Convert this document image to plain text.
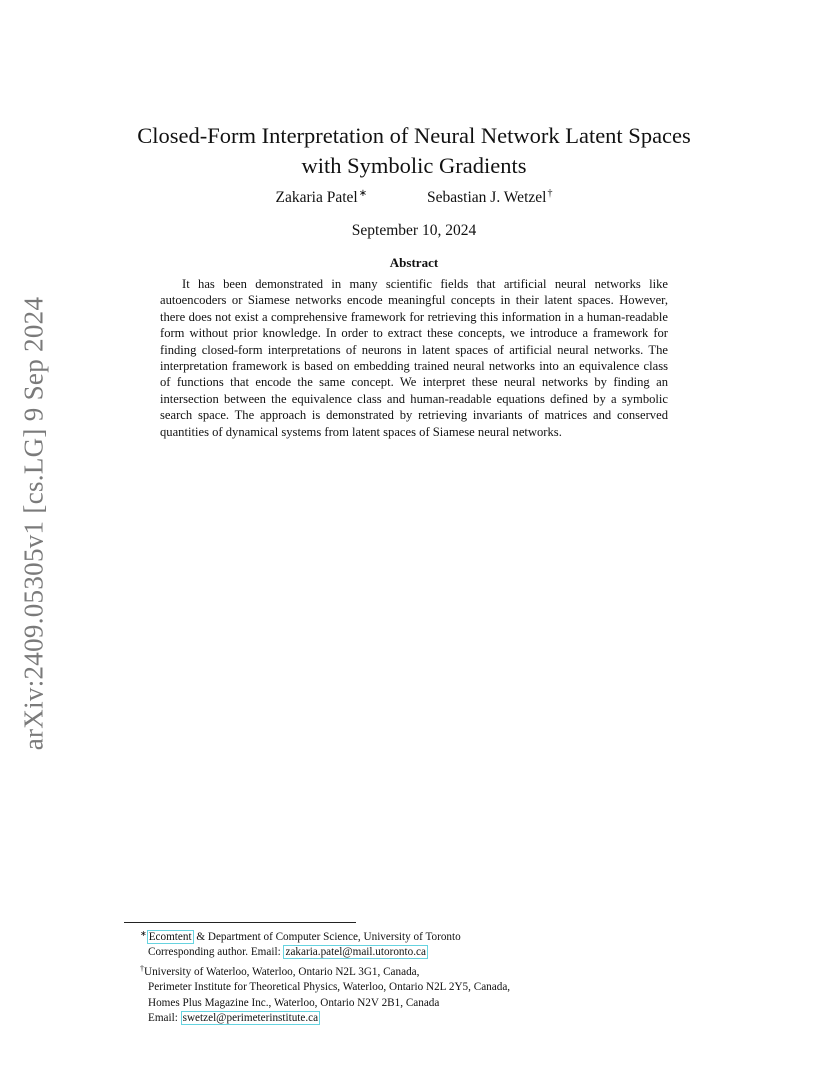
arXiv:2409.05305v1 [cs.LG] 9 Sep 2024
Closed-Form Interpretation of Neural Network Latent Spaces
with Symbolic Gradients
Zakaria Patel∗	Sebastian J. Wetzel†
September 10, 2024
Abstract

It has been demonstrated in many scientific fields that artificial neural networks like autoencoders or Siamese networks encode meaningful concepts in their latent spaces. However, there does not exist a comprehensive framework for retrieving this information in a human-readable form without prior knowledge. In order to extract these concepts, we introduce a framework for finding closed-form interpretations of neurons in latent spaces of artificial neural networks. The interpretation framework is based on embedding trained neural networks into an equivalence class of functions that encode the same concept. We interpret these neural networks by finding an intersection between the equivalence class and human-readable equations defined by a symbolic search space. The approach is demonstrated by retrieving invariants of matrices and conserved quantities of dynamical systems from latent spaces of Siamese neural networks.

∗ Ecomtent & Department of Computer Science, University of Toronto
Corresponding author. Email: zakaria.patel@mail.utoronto.ca
†University of Waterloo, Waterloo, Ontario N2L 3G1, Canada,
Perimeter Institute for Theoretical Physics, Waterloo, Ontario N2L 2Y5, Canada,
Homes Plus Magazine Inc., Waterloo, Ontario N2V 2B1, Canada
Email: swetzel@perimeterinstitute.ca
